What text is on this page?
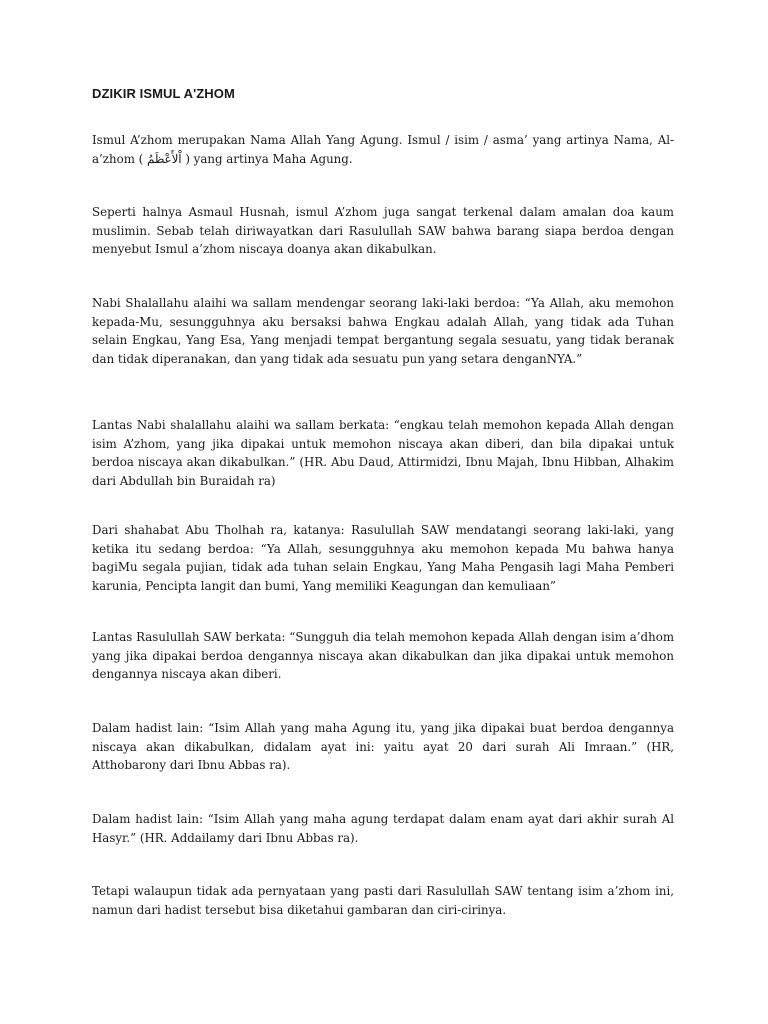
DZIKIR ISMUL A'ZHOM

Ismul A’zhom merupakan Nama Allah Yang Agung. Ismul / isim / asma’ yang artinya Nama, Al-a’zhom ( اْلأَعْظَمُ ) yang artinya Maha Agung.

Seperti halnya Asmaul Husnah, ismul A’zhom juga sangat terkenal dalam amalan doa kaum muslimin. Sebab telah diriwayatkan dari Rasulullah SAW bahwa barang siapa berdoa dengan menyebut Ismul a’zhom niscaya doanya akan dikabulkan.

Nabi Shalallahu alaihi wa sallam mendengar seorang laki-laki berdoa: “Ya Allah, aku memohon kepada-Mu, sesungguhnya aku bersaksi bahwa Engkau adalah Allah, yang tidak ada Tuhan selain Engkau, Yang Esa, Yang menjadi tempat bergantung segala sesuatu, yang tidak beranak dan tidak diperanakan, dan yang tidak ada sesuatu pun yang setara denganNYA.”

Lantas Nabi shalallahu alaihi wa sallam berkata: “engkau telah memohon kepada Allah dengan isim A’zhom, yang jika dipakai untuk memohon niscaya akan diberi, dan bila dipakai untuk berdoa niscaya akan dikabulkan.” (HR. Abu Daud, Attirmidzi, Ibnu Majah, Ibnu Hibban, Alhakim dari Abdullah bin Buraidah ra)

Dari shahabat Abu Tholhah ra, katanya: Rasulullah SAW mendatangi seorang laki-laki, yang ketika itu sedang berdoa: “Ya Allah, sesungguhnya aku memohon kepada Mu bahwa hanya bagiMu segala pujian, tidak ada tuhan selain Engkau, Yang Maha Pengasih lagi Maha Pemberi karunia, Pencipta langit dan bumi, Yang memiliki Keagungan dan kemuliaan”

Lantas Rasulullah SAW berkata: “Sungguh dia telah memohon kepada Allah dengan isim a’dhom yang jika dipakai berdoa dengannya niscaya akan dikabulkan dan jika dipakai untuk memohon dengannya niscaya akan diberi.

Dalam hadist lain: “Isim Allah yang maha Agung itu, yang jika dipakai buat berdoa dengannya niscaya akan dikabulkan, didalam ayat ini: yaitu ayat 20 dari surah Ali Imraan.” (HR, Atthobarony dari Ibnu Abbas ra).

Dalam hadist lain: “Isim Allah yang maha agung terdapat dalam enam ayat dari akhir surah Al Hasyr.” (HR. Addailamy dari Ibnu Abbas ra).

Tetapi walaupun tidak ada pernyataan yang pasti dari Rasulullah SAW tentang isim a’zhom ini, namun dari hadist tersebut bisa diketahui gambaran dan ciri-cirinya.
